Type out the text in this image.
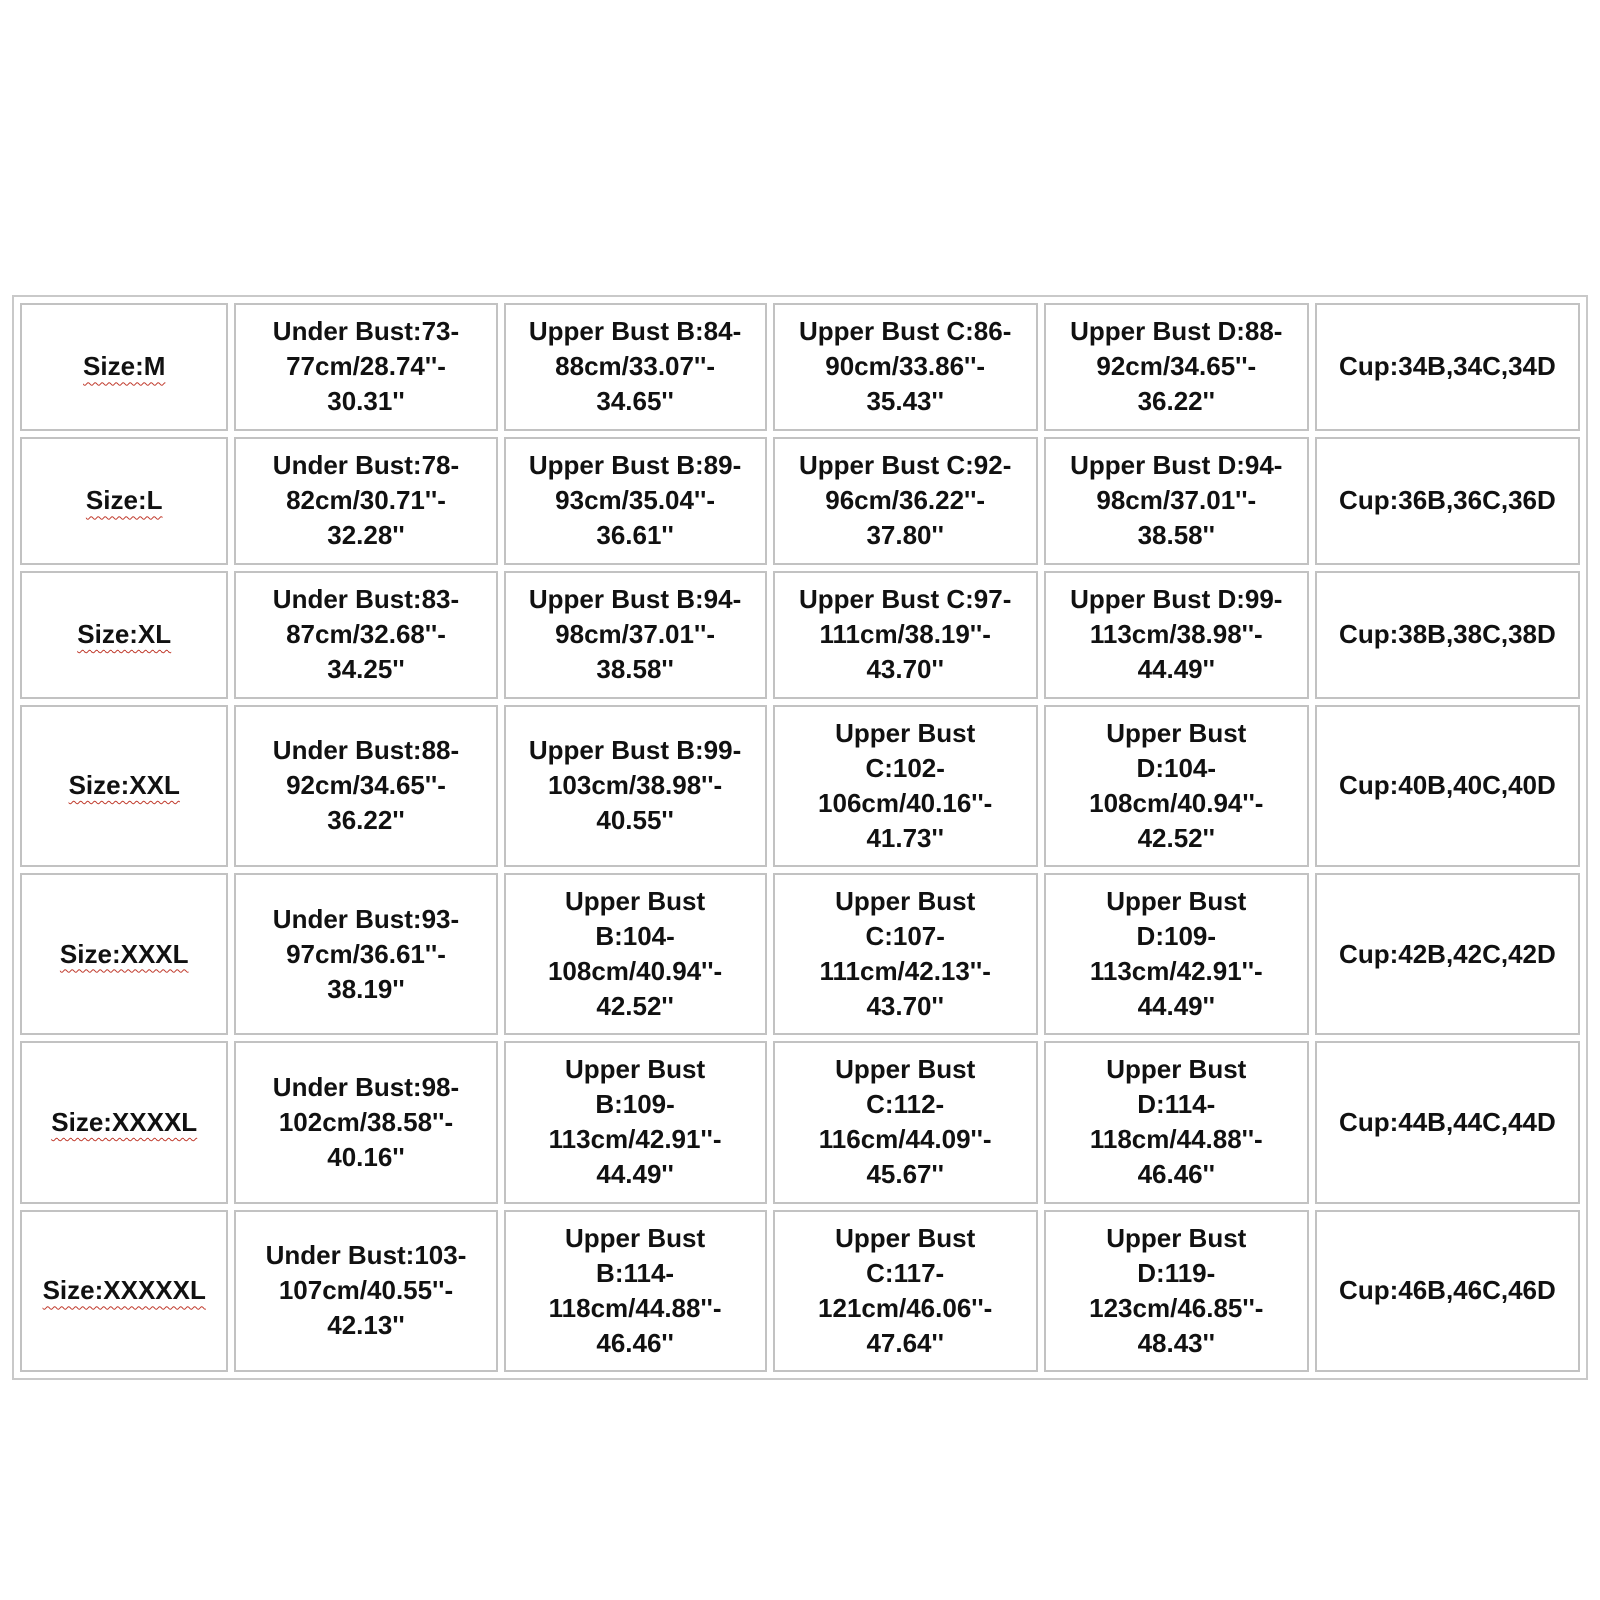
Size:M	Under Bust:73-
77cm/28.74''-
30.31''	Upper Bust B:84-
88cm/33.07''-
34.65''	Upper Bust C:86-
90cm/33.86''-
35.43''	Upper Bust D:88-
92cm/34.65''-
36.22''	Cup:34B,34C,34D
Size:L	Under Bust:78-
82cm/30.71''-
32.28''	Upper Bust B:89-
93cm/35.04''-
36.61''	Upper Bust C:92-
96cm/36.22''-
37.80''	Upper Bust D:94-
98cm/37.01''-
38.58''	Cup:36B,36C,36D
Size:XL	Under Bust:83-
87cm/32.68''-
34.25''	Upper Bust B:94-
98cm/37.01''-
38.58''	Upper Bust C:97-
111cm/38.19''-
43.70''	Upper Bust D:99-
113cm/38.98''-
44.49''	Cup:38B,38C,38D
Size:XXL	Under Bust:88-
92cm/34.65''-
36.22''	Upper Bust B:99-
103cm/38.98''-
40.55''	Upper Bust
C:102-
106cm/40.16''-
41.73''	Upper Bust
D:104-
108cm/40.94''-
42.52''	Cup:40B,40C,40D
Size:XXXL	Under Bust:93-
97cm/36.61''-
38.19''	Upper Bust
B:104-
108cm/40.94''-
42.52''	Upper Bust
C:107-
111cm/42.13''-
43.70''	Upper Bust
D:109-
113cm/42.91''-
44.49''	Cup:42B,42C,42D
Size:XXXXL	Under Bust:98-
102cm/38.58''-
40.16''	Upper Bust
B:109-
113cm/42.91''-
44.49''	Upper Bust
C:112-
116cm/44.09''-
45.67''	Upper Bust
D:114-
118cm/44.88''-
46.46''	Cup:44B,44C,44D
Size:XXXXXL	Under Bust:103-
107cm/40.55''-
42.13''	Upper Bust
B:114-
118cm/44.88''-
46.46''	Upper Bust
C:117-
121cm/46.06''-
47.64''	Upper Bust
D:119-
123cm/46.85''-
48.43''	Cup:46B,46C,46D
